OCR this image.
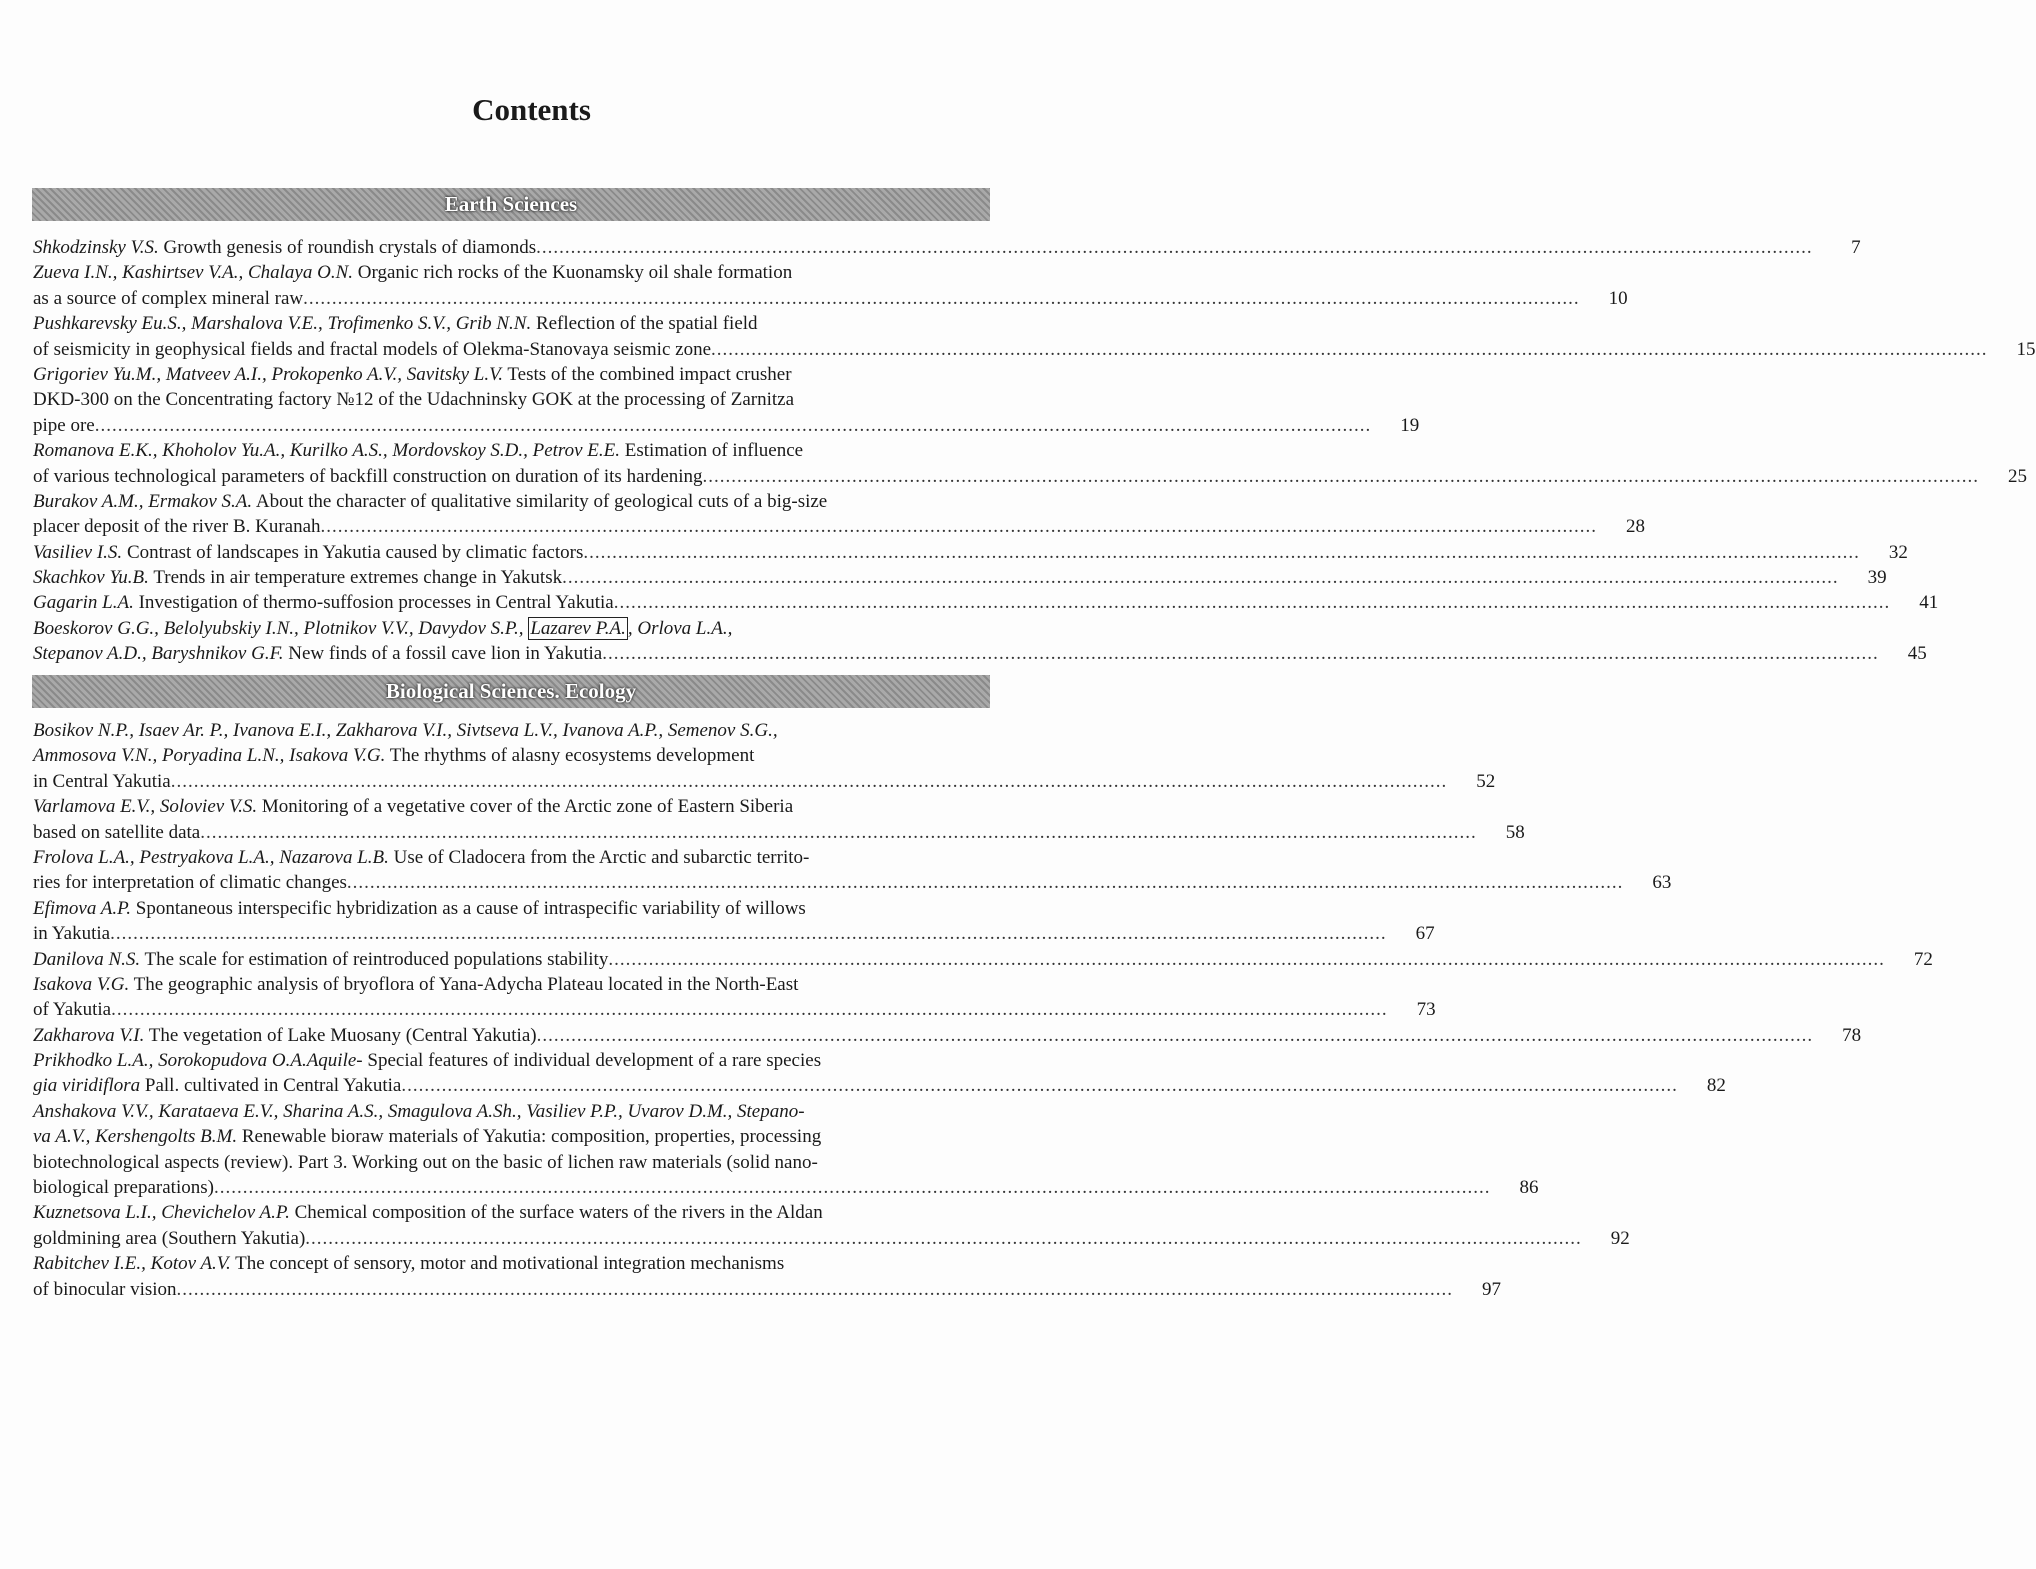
Contents
Earth Sciences
Shkodzinsky V.S. Growth genesis of roundish crystals of diamonds .....	7
Zueva I.N., Kashirtsev V.A., Chalaya O.N. Organic rich rocks of the Kuonamsky oil shale formation
as a source of complex mineral raw .....	10
Pushkarevsky Eu.S., Marshalova V.E., Trofimenko S.V., Grib N.N. Reflection of the spatial field
of seismicity in geophysical fields and fractal models of Olekma-Stanovaya seismic zone .....	15
Grigoriev Yu.M., Matveev A.I., Prokopenko A.V., Savitsky L.V. Tests of the combined impact crusher
DKD-300 on the Concentrating factory №12 of the Udachninsky GOK at the processing of Zarnitza
pipe ore .....	19
Romanova E.K., Khoholov Yu.A., Kurilko A.S., Mordovskoy S.D., Petrov E.E. Estimation of influence
of various technological parameters of backfill construction on duration of its hardening .....	25
Burakov A.M., Ermakov S.A. About the character of qualitative similarity of geological cuts of a big-size
placer deposit of the river B. Kuranah .....	28
Vasiliev I.S. Contrast of landscapes in Yakutia caused by climatic factors .....	32
Skachkov Yu.B. Trends in air temperature extremes change in Yakutsk .....	39
Gagarin L.A. Investigation of thermo-suffosion processes in Central Yakutia .....	41
Boeskorov G.G., Belolyubskiy I.N., Plotnikov V.V., Davydov S.P., Lazarev P.A. , Orlova L.A.,
Stepanov A.D., Baryshnikov G.F. New finds of a fossil cave lion in Yakutia .....	45
Biological Sciences. Ecology
Bosikov N.P., Isaev Ar. P., Ivanova E.I., Zakharova V.I., Sivtseva L.V., Ivanova A.P., Semenov S.G.,
Ammosova V.N., Poryadina L.N., Isakova V.G. The rhythms of alasny ecosystems development
in Central Yakutia .....	52
Varlamova E.V., Soloviev V.S. Monitoring of a vegetative cover of the Arctic zone of Eastern Siberia
based on satellite data .....	58
Frolova L.A., Pestryakova L.A., Nazarova L.B. Use of Cladocera from the Arctic and subarctic territo-
ries for interpretation of climatic changes .....	63
Efimova A.P. Spontaneous interspecific hybridization as a cause of intraspecific variability of willows
in Yakutia .....	67
Danilova N.S. The scale for estimation of reintroduced populations stability .....	72
Isakova V.G. The geographic analysis of bryoflora of Yana-Adycha Plateau located in the North-East
of Yakutia .....	73
Zakharova V.I. The vegetation of Lake Muosany (Central Yakutia) .....	78
Prikhodko L.A., Sorokopudova O.A.Aquile- Special features of individual development of a rare species
gia viridiflora Pall. cultivated in Central Yakutia .....	82
Anshakova V.V., Karataeva E.V., Sharina A.S., Smagulova A.Sh., Vasiliev P.P., Uvarov D.M., Stepano-
va A.V., Kershengolts B.M. Renewable bioraw materials of Yakutia: composition, properties, processing
biotechnological aspects (review). Part 3. Working out on the basic of lichen raw materials (solid nano-
biological preparations) .....	86
Kuznetsova L.I., Chevichelov A.P. Chemical composition of the surface waters of the rivers in the Aldan
goldmining area (Southern Yakutia) .....	92
Rabitchev I.E., Kotov A.V. The concept of sensory, motor and motivational integration mechanisms
of binocular vision .....	97
